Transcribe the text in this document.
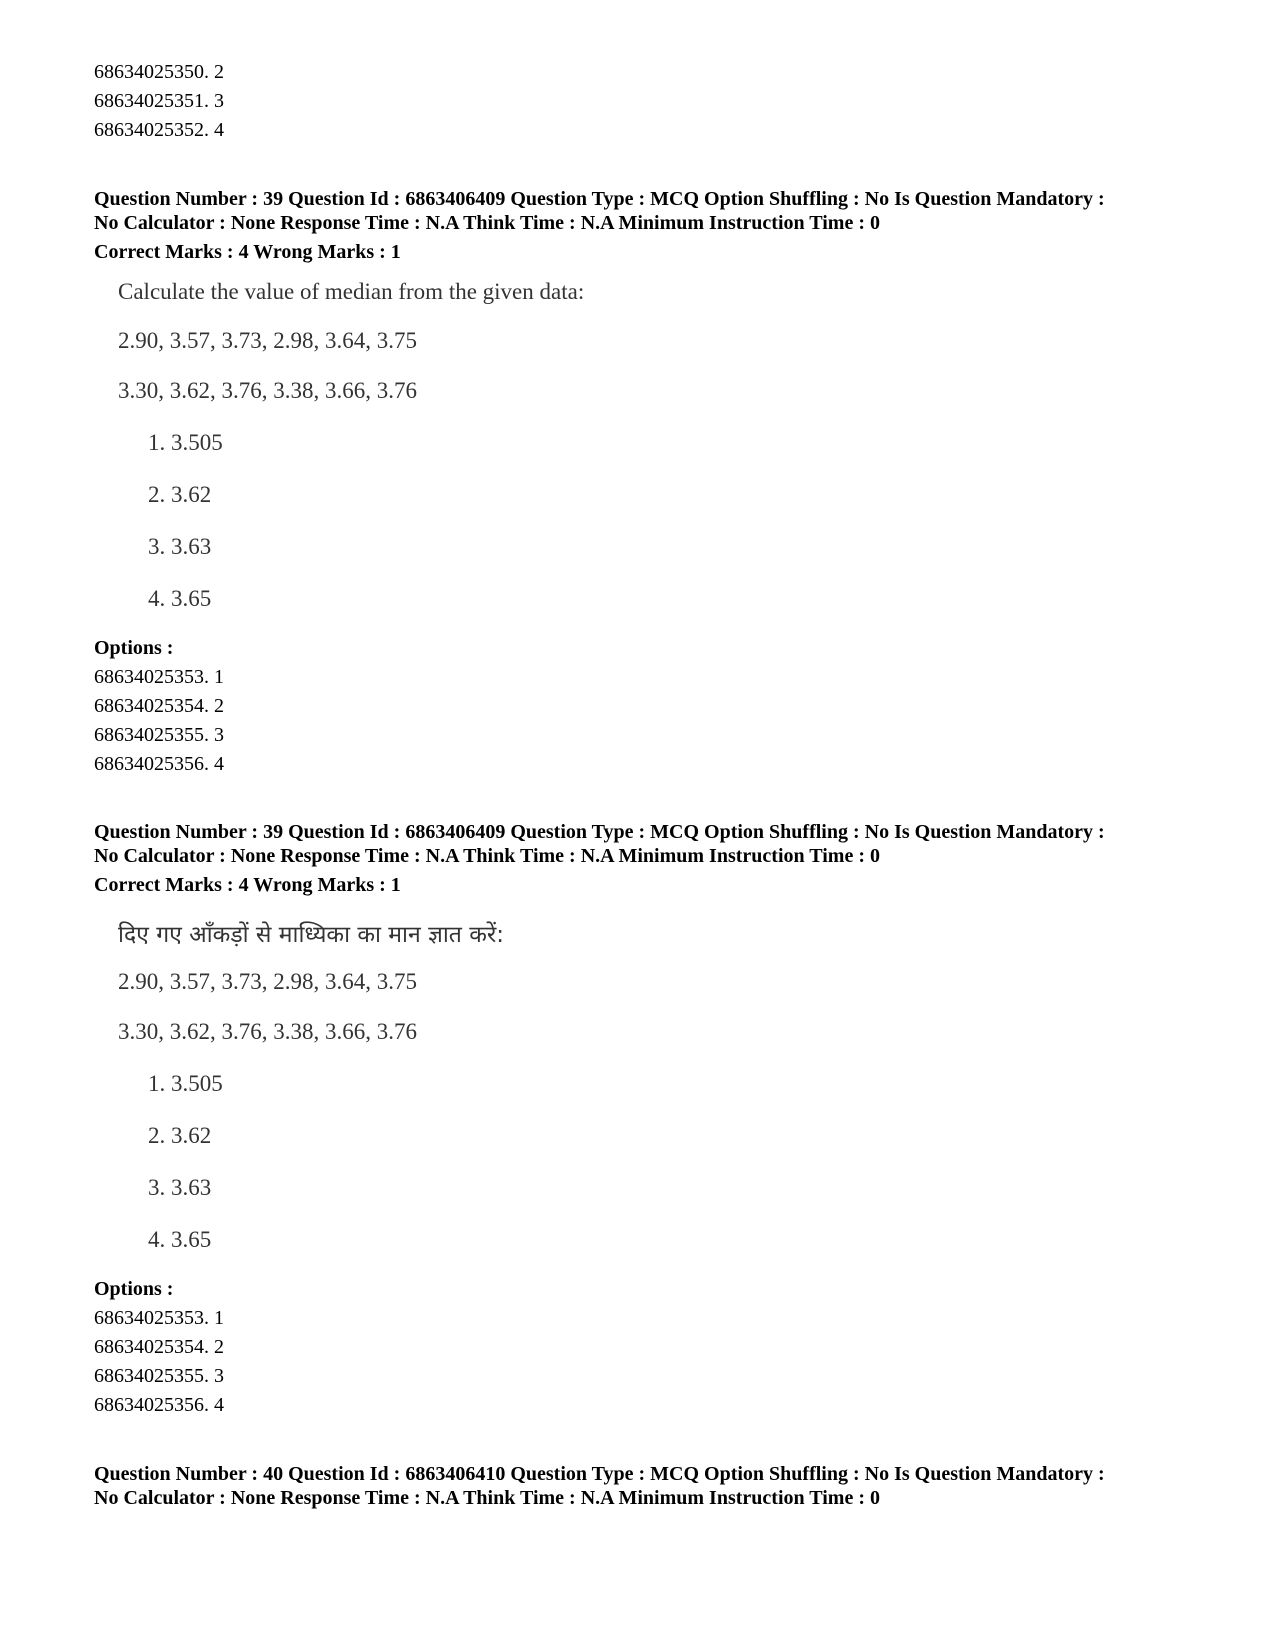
68634025350. 2
68634025351. 3
68634025352. 4
Question Number : 39 Question Id : 6863406409 Question Type : MCQ Option Shuffling : No Is Question Mandatory :
No Calculator : None Response Time : N.A Think Time : N.A Minimum Instruction Time : 0
Correct Marks : 4 Wrong Marks : 1
Calculate the value of median from the given data:
2.90, 3.57, 3.73, 2.98, 3.64, 3.75
3.30, 3.62, 3.76, 3.38, 3.66, 3.76
1. 3.505
2. 3.62
3. 3.63
4. 3.65
Options :
68634025353. 1
68634025354. 2
68634025355. 3
68634025356. 4
Question Number : 39 Question Id : 6863406409 Question Type : MCQ Option Shuffling : No Is Question Mandatory :
No Calculator : None Response Time : N.A Think Time : N.A Minimum Instruction Time : 0
Correct Marks : 4 Wrong Marks : 1
दिए गए आँकड़ों से माध्यिका का मान ज्ञात करें:
2.90, 3.57, 3.73, 2.98, 3.64, 3.75
3.30, 3.62, 3.76, 3.38, 3.66, 3.76
1. 3.505
2. 3.62
3. 3.63
4. 3.65
Options :
68634025353. 1
68634025354. 2
68634025355. 3
68634025356. 4
Question Number : 40 Question Id : 6863406410 Question Type : MCQ Option Shuffling : No Is Question Mandatory :
No Calculator : None Response Time : N.A Think Time : N.A Minimum Instruction Time : 0
